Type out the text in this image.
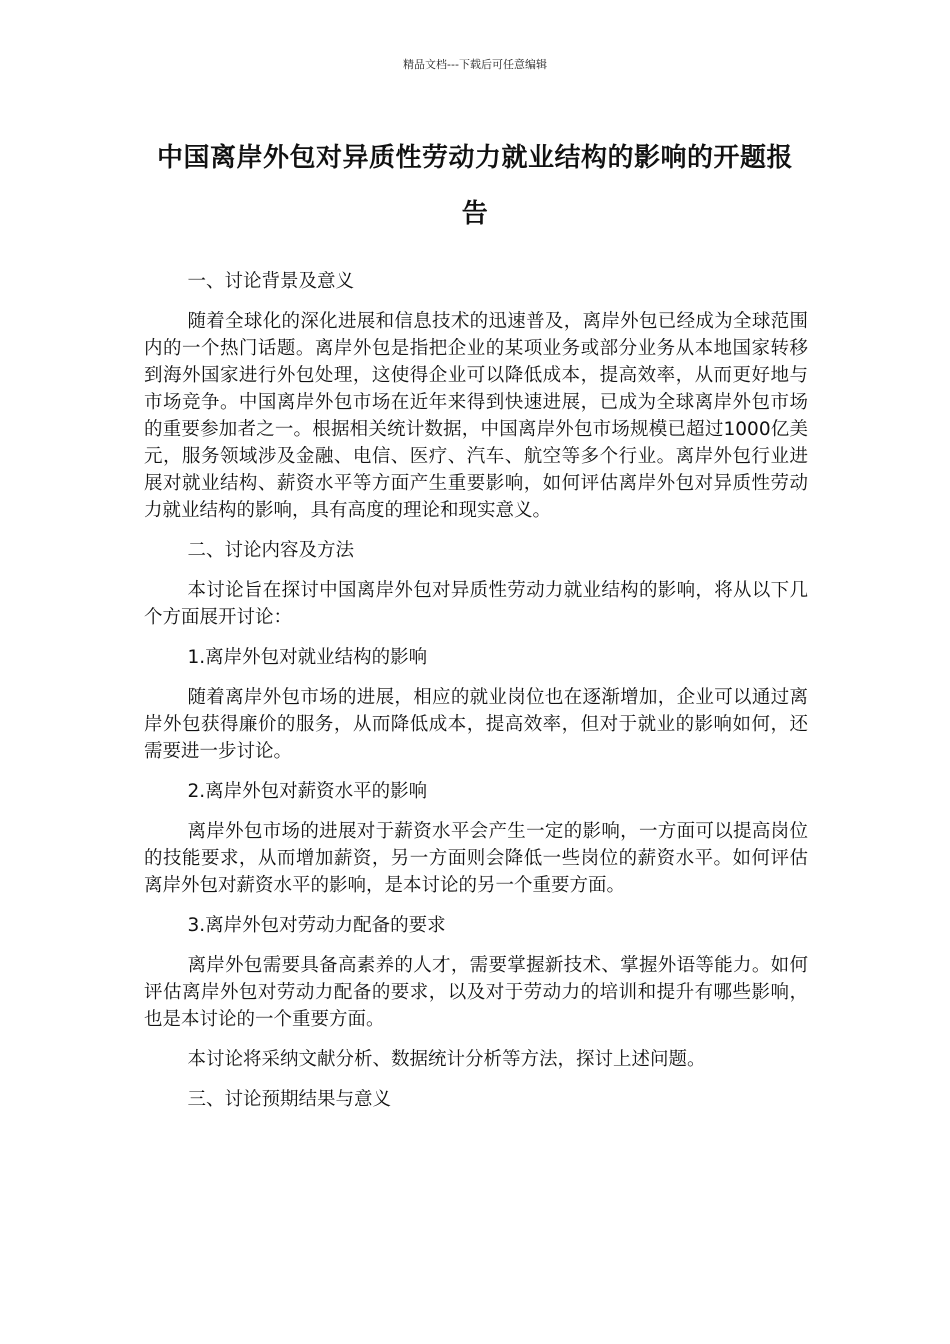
精品文档---下载后可任意编辑
中国离岸外包对异质性劳动力就业结构的影响的开题报告

一、讨论背景及意义

随着全球化的深化进展和信息技术的迅速普及，离岸外包已经成为全球范围内的一个热门话题。离岸外包是指把企业的某项业务或部分业务从本地国家转移到海外国家进行外包处理，这使得企业可以降低成本，提高效率，从而更好地与市场竞争。中国离岸外包市场在近年来得到快速进展，已成为全球离岸外包市场的重要参加者之一。根据相关统计数据，中国离岸外包市场规模已超过1000亿美元，服务领域涉及金融、电信、医疗、汽车、航空等多个行业。离岸外包行业进展对就业结构、薪资水平等方面产生重要影响，如何评估离岸外包对异质性劳动力就业结构的影响，具有高度的理论和现实意义。

二、讨论内容及方法

本讨论旨在探讨中国离岸外包对异质性劳动力就业结构的影响，将从以下几个方面展开讨论：

1.离岸外包对就业结构的影响

随着离岸外包市场的进展，相应的就业岗位也在逐渐增加，企业可以通过离岸外包获得廉价的服务，从而降低成本，提高效率，但对于就业的影响如何，还需要进一步讨论。

2.离岸外包对薪资水平的影响

离岸外包市场的进展对于薪资水平会产生一定的影响，一方面可以提高岗位的技能要求，从而增加薪资，另一方面则会降低一些岗位的薪资水平。如何评估离岸外包对薪资水平的影响，是本讨论的另一个重要方面。

3.离岸外包对劳动力配备的要求

离岸外包需要具备高素养的人才，需要掌握新技术、掌握外语等能力。如何评估离岸外包对劳动力配备的要求，以及对于劳动力的培训和提升有哪些影响，也是本讨论的一个重要方面。

本讨论将采纳文献分析、数据统计分析等方法，探讨上述问题。

三、讨论预期结果与意义
